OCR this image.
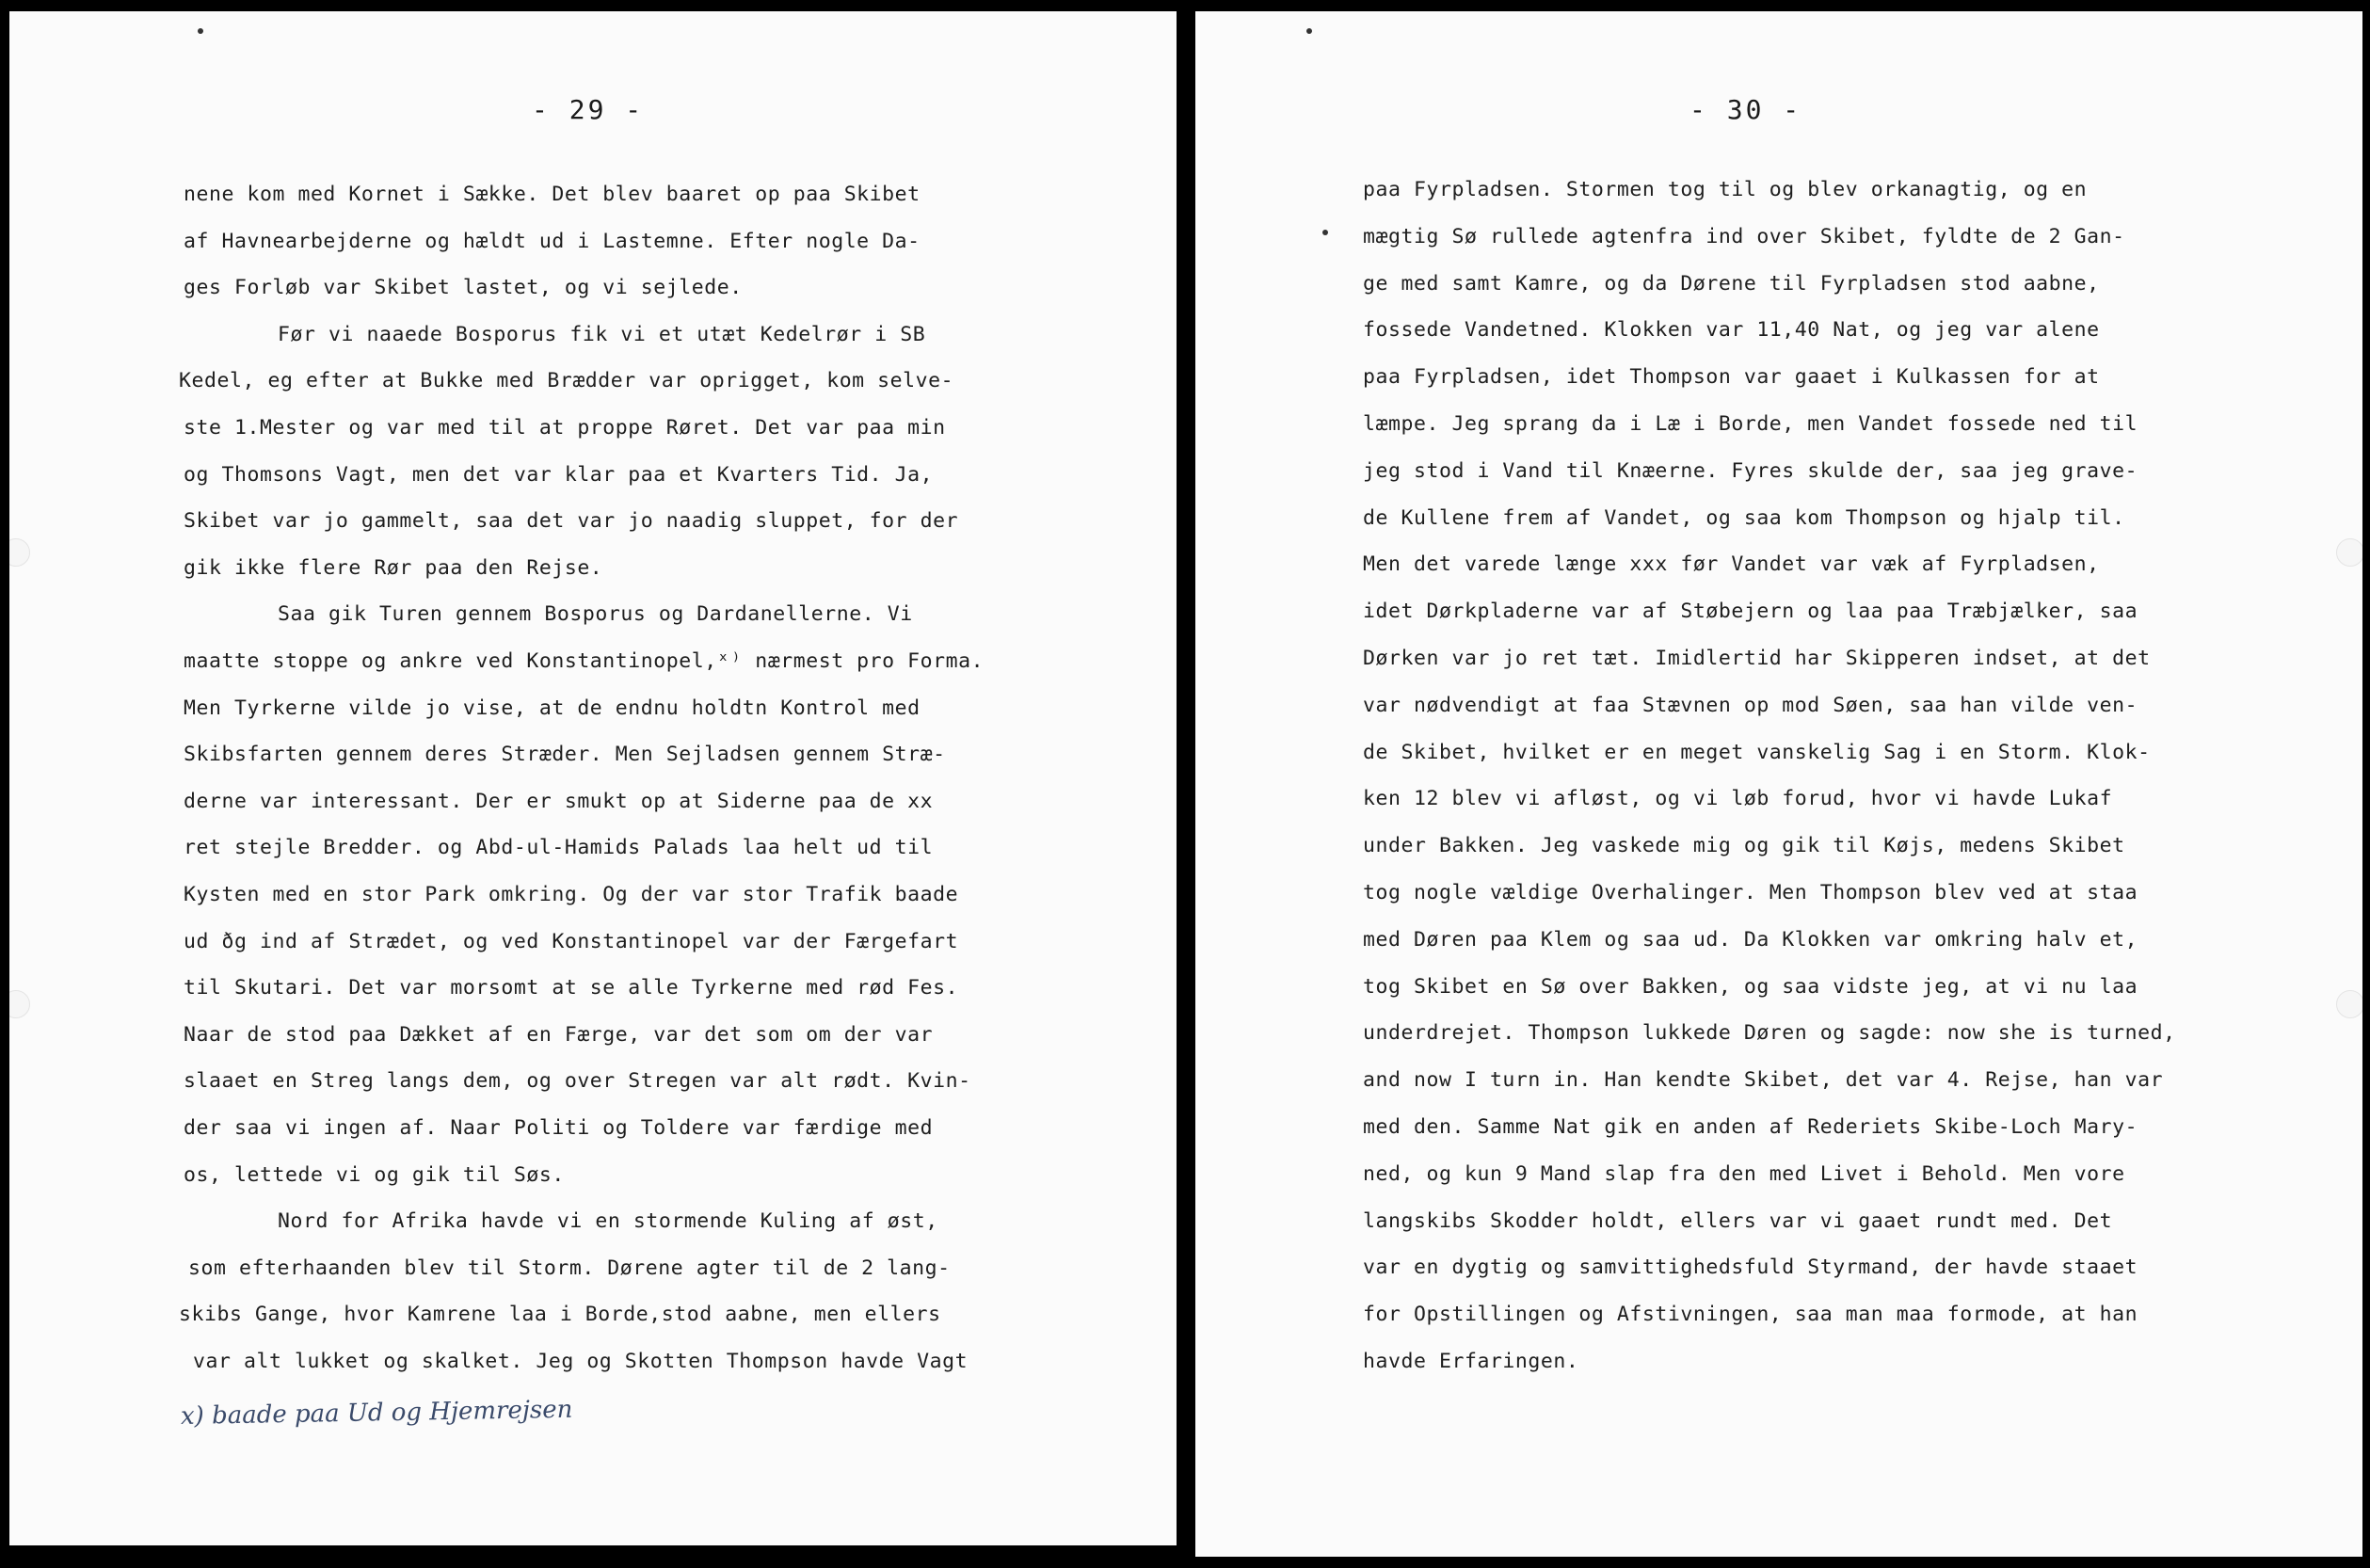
- 29 -
nene kom med Kornet i Sække. Det blev baaret op paa Skibet
af Havnearbejderne og hældt ud i Lastemne. Efter nogle Da-
ges Forløb var Skibet lastet, og vi sejlede.
Før vi naaede Bosporus fik vi et utæt Kedelrør i SB
Kedel, eg efter at Bukke med Brædder var oprigget, kom selve-
ste 1.Mester og var med til at proppe Røret. Det var paa min
og Thomsons Vagt, men det var klar paa et Kvarters Tid. Ja,
Skibet var jo gammelt, saa det var jo naadig sluppet, for der
gik ikke flere Rør paa den Rejse.
Saa gik Turen gennem Bosporus og Dardanellerne. Vi
maatte stoppe og ankre ved Konstantinopel,ˣ⁾ nærmest pro Forma.
Men Tyrkerne vilde jo vise, at de endnu holdtn Kontrol med
Skibsfarten gennem deres Stræder. Men Sejladsen gennem Stræ-
derne var interessant. Der er smukt op at Siderne paa de xx
ret stejle Bredder. og Abd-ul-Hamids Palads laa helt ud til
Kysten med en stor Park omkring. Og der var stor Trafik baade
ud ðg ind af Strædet, og ved Konstantinopel var der Færgefart
til Skutari. Det var morsomt at se alle Tyrkerne med rød Fes.
Naar de stod paa Dækket af en Færge, var det som om der var
slaaet en Streg langs dem, og over Stregen var alt rødt. Kvin-
der saa vi ingen af. Naar Politi og Toldere var færdige med
os, lettede vi og gik til Søs.
Nord for Afrika havde vi en stormende Kuling af øst,
som efterhaanden blev til Storm. Dørene agter til de 2 lang-
skibs Gange, hvor Kamrene laa i Borde,stod aabne, men ellers
var alt lukket og skalket. Jeg og Skotten Thompson havde Vagt
x) baade paa Ud og Hjemrejsen
- 30 -
paa Fyrpladsen. Stormen tog til og blev orkanagtig, og en
mægtig Sø rullede agtenfra ind over Skibet, fyldte de 2 Gan-
ge med samt Kamre, og da Dørene til Fyrpladsen stod aabne,
fossede Vandetned. Klokken var 11,40 Nat, og jeg var alene
paa Fyrpladsen, idet Thompson var gaaet i Kulkassen for at
læmpe. Jeg sprang da i Læ i Borde, men Vandet fossede ned til
jeg stod i Vand til Knæerne. Fyres skulde der, saa jeg grave-
de Kullene frem af Vandet, og saa kom Thompson og hjalp til.
Men det varede længe xxx før Vandet var væk af Fyrpladsen,
idet Dørkpladerne var af Støbejern og laa paa Træbjælker, saa
Dørken var jo ret tæt. Imidlertid har Skipperen indset, at det
var nødvendigt at faa Stævnen op mod Søen, saa han vilde ven-
de Skibet, hvilket er en meget vanskelig Sag i en Storm. Klok-
ken 12 blev vi afløst, og vi løb forud, hvor vi havde Lukaf
under Bakken. Jeg vaskede mig og gik til Køjs, medens Skibet
tog nogle vældige Overhalinger. Men Thompson blev ved at staa
med Døren paa Klem og saa ud. Da Klokken var omkring halv et,
tog Skibet en Sø over Bakken, og saa vidste jeg, at vi nu laa
underdrejet. Thompson lukkede Døren og sagde: now she is turned,
and now I turn in. Han kendte Skibet, det var 4. Rejse, han var
med den. Samme Nat gik en anden af Rederiets Skibe-Loch Mary-
ned, og kun 9 Mand slap fra den med Livet i Behold. Men vore
langskibs Skodder holdt, ellers var vi gaaet rundt med. Det
var en dygtig og samvittighedsfuld Styrmand, der havde staaet
for Opstillingen og Afstivningen, saa man maa formode, at han
havde Erfaringen.
